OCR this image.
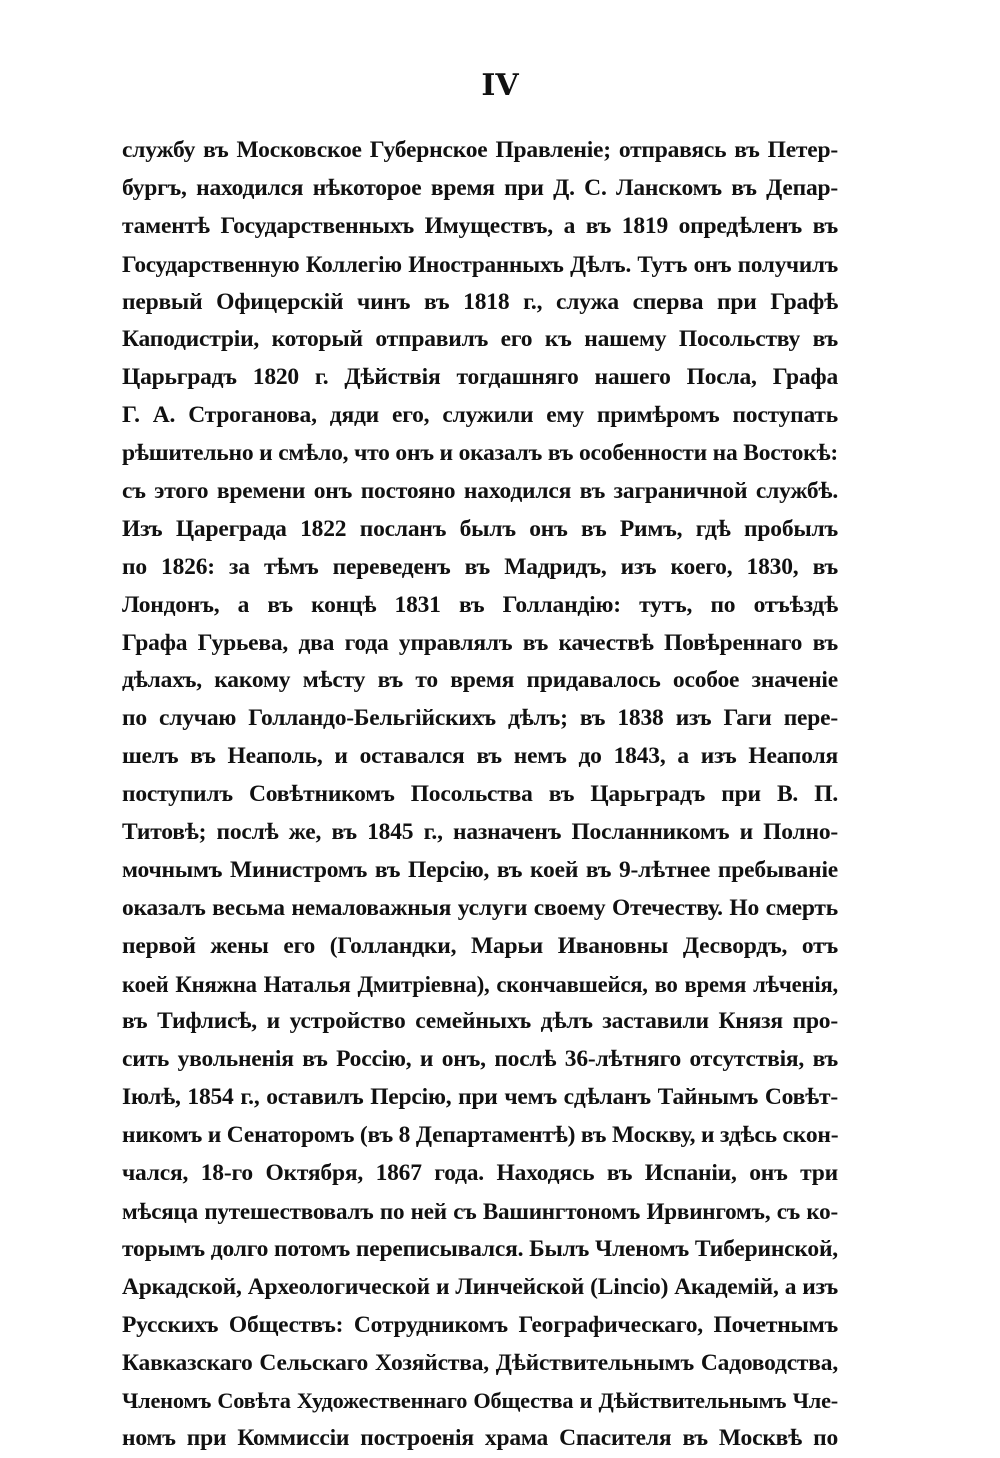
IV
службу въ Московское Губернское Правленіе; отправясь въ Петер-
бургъ, находился нѣкоторое время при Д. С. Ланскомъ въ Депар-
таментѣ Государственныхъ Имуществъ, а въ 1819 опредѣленъ въ
Государственную Коллегію Иностранныхъ Дѣлъ. Тутъ онъ получилъ
первый Офицерскій чинъ въ 1818 г., служа сперва при Графѣ
Каподистріи, который отправилъ его къ нашему Посольству въ
Царьградъ 1820 г. Дѣйствія тогдашняго нашего Посла, Графа
Г. А. Строганова, дяди его, служили ему примѣромъ поступать
рѣшительно и смѣло, что онъ и оказалъ въ особенности на Востокѣ:
съ этого времени онъ постояно находился въ заграничной службѣ.
Изъ Цареграда 1822 посланъ былъ онъ въ Римъ, гдѣ пробылъ
по 1826: за тѣмъ переведенъ въ Мадридъ, изъ коего, 1830, въ
Лондонъ, а въ концѣ 1831 въ Голландію: тутъ, по отъѣздѣ
Графа Гурьева, два года управлялъ въ качествѣ Повѣреннаго въ
дѣлахъ, какому мѣсту въ то время придавалось особое значеніе
по случаю Голландо-Бельгійскихъ дѣлъ; въ 1838 изъ Гаги пере-
шелъ въ Неаполь, и оставался въ немъ до 1843, а изъ Неаполя
поступилъ Совѣтникомъ Посольства въ Царьградъ при В. П.
Титовѣ; послѣ же, въ 1845 г., назначенъ Посланникомъ и Полно-
мочнымъ Министромъ въ Персію, въ коей въ 9-лѣтнее пребываніе
оказалъ весьма немаловажныя услуги своему Отечеству. Но смерть
первой жены его (Голландки, Марьи Ивановны Десвордъ, отъ
коей Княжна Наталья Дмитріевна), скончавшейся, во время лѣченія,
въ Тифлисѣ, и устройство семейныхъ дѣлъ заставили Князя про-
сить увольненія въ Россію, и онъ, послѣ 36-лѣтняго отсутствія, въ
Іюлѣ, 1854 г., оставилъ Персію, при чемъ сдѣланъ Тайнымъ Совѣт-
никомъ и Сенаторомъ (въ 8 Департаментѣ) въ Москву, и здѣсь скон-
чался, 18-го Октября, 1867 года. Находясь въ Испаніи, онъ три
мѣсяца путешествовалъ по ней съ Вашингтономъ Ирвингомъ, съ ко-
торымъ долго потомъ переписывался. Былъ Членомъ Тиберинской,
Аркадской, Археологической и Линчейской (Lincio) Академій, а изъ
Русскихъ Обществъ: Сотрудникомъ Географическаго, Почетнымъ
Кавказскаго Сельскаго Хозяйства, Дѣйствительнымъ Садоводства,
Членомъ Совѣта Художественнаго Общества и Дѣйствительнымъ Чле-
номъ при Коммиссіи построенія храма Спасителя въ Москвѣ по
